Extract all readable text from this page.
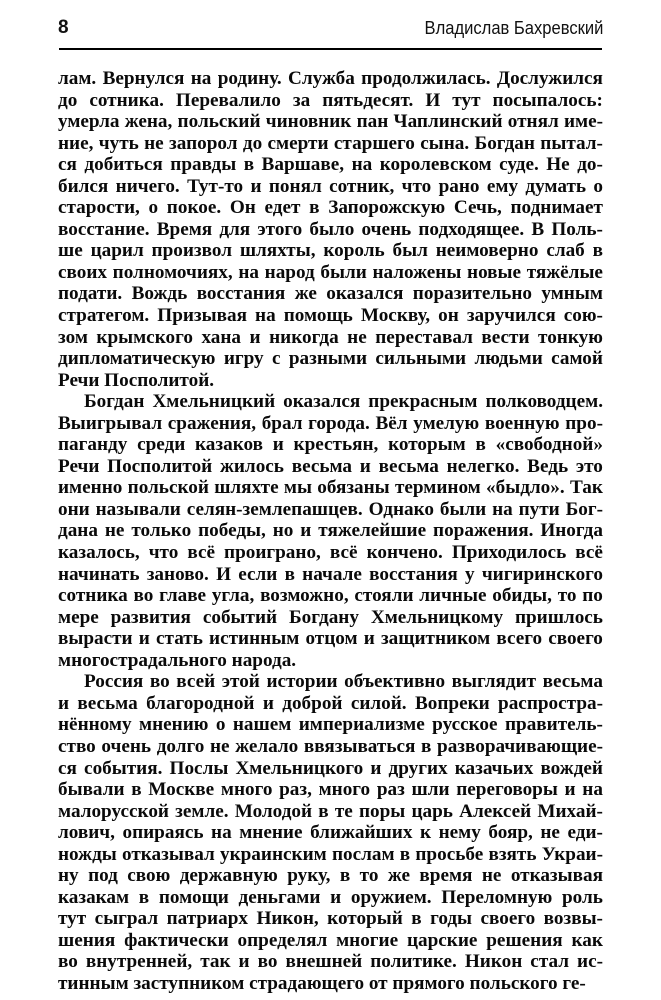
8	Владислав Бахревский
лам. Вернулся на родину. Служба продолжилась. Дослужился
до сотника. Перевалило за пятьдесят. И тут посыпалось:
умерла жена, польский чиновник пан Чаплинский отнял име-
ние, чуть не запорол до смерти старшего сына. Богдан пытал-
ся добиться правды в Варшаве, на королевском суде. Не до-
бился ничего. Тут-то и понял сотник, что рано ему думать о
старости, о покое. Он едет в Запорожскую Сечь, поднимает
восстание. Время для этого было очень подходящее. В Поль-
ше царил произвол шляхты, король был неимоверно слаб в
своих полномочиях, на народ были наложены новые тяжёлые
подати. Вождь восстания же оказался поразительно умным
стратегом. Призывая на помощь Москву, он заручился сою-
зом крымского хана и никогда не переставал вести тонкую
дипломатическую игру с разными сильными людьми самой
Речи Посполитой.
Богдан Хмельницкий оказался прекрасным полководцем.
Выигрывал сражения, брал города. Вёл умелую военную про-
паганду среди казаков и крестьян, которым в «свободной»
Речи Посполитой жилось весьма и весьма нелегко. Ведь это
именно польской шляхте мы обязаны термином «быдло». Так
они называли селян-землепашцев. Однако были на пути Бог-
дана не только победы, но и тяжелейшие поражения. Иногда
казалось, что всё проиграно, всё кончено. Приходилось всё
начинать заново. И если в начале восстания у чигиринского
сотника во главе угла, возможно, стояли личные обиды, то по
мере развития событий Богдану Хмельницкому пришлось
вырасти и стать истинным отцом и защитником всего своего
многострадального народа.
Россия во всей этой истории объективно выглядит весьма
и весьма благородной и доброй силой. Вопреки распростра-
нённому мнению о нашем империализме русское правитель-
ство очень долго не желало ввязываться в разворачивающие-
ся события. Послы Хмельницкого и других казачьих вождей
бывали в Москве много раз, много раз шли переговоры и на
малорусской земле. Молодой в те поры царь Алексей Михай-
лович, опираясь на мнение ближайших к нему бояр, не еди-
ножды отказывал украинским послам в просьбе взять Украи-
ну под свою державную руку, в то же время не отказывая
казакам в помощи деньгами и оружием. Переломную роль
тут сыграл патриарх Никон, который в годы своего возвы-
шения фактически определял многие царские решения как
во внутренней, так и во внешней политике. Никон стал ис-
тинным заступником страдающего от прямого польского ге-
